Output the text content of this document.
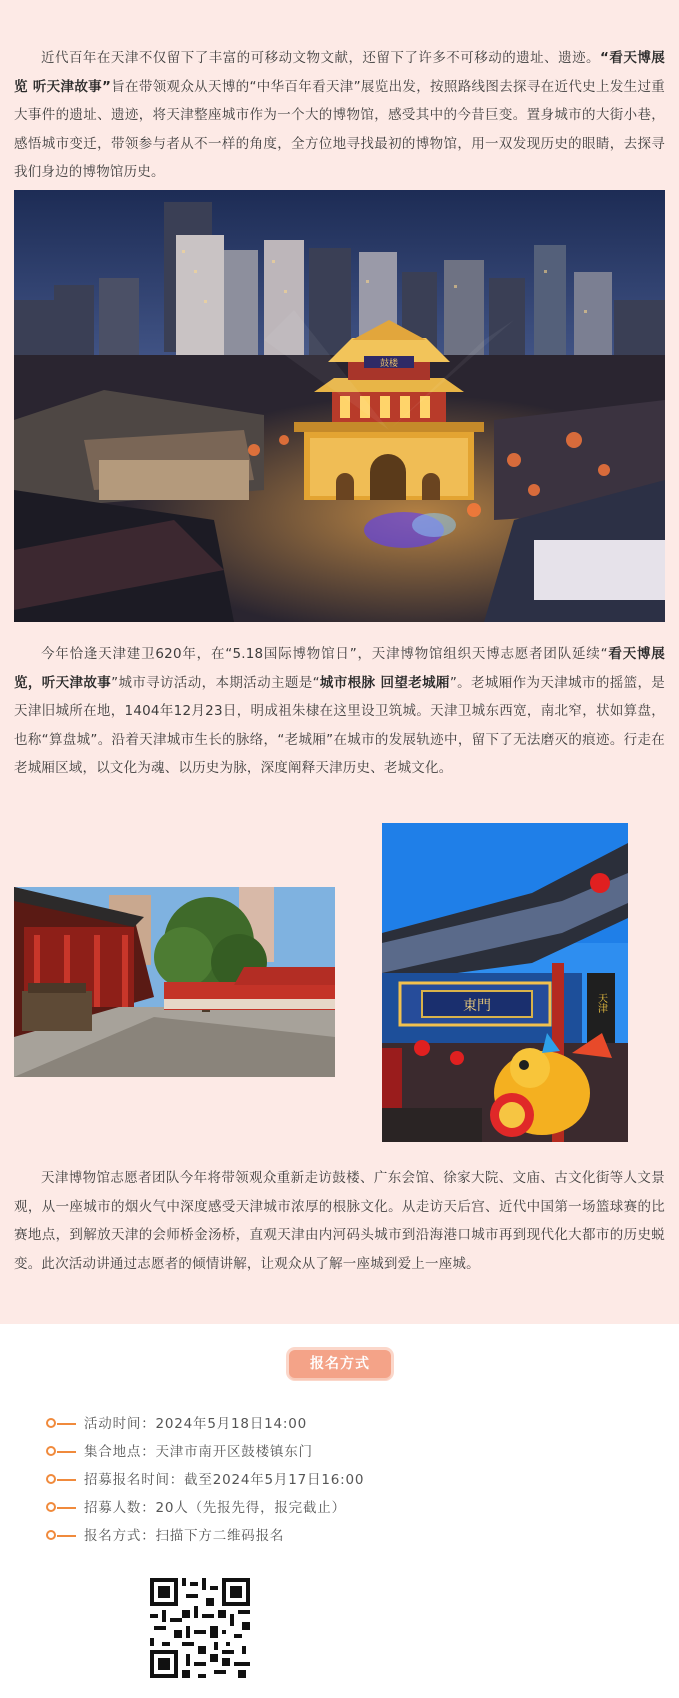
近代百年在天津不仅留下了丰富的可移动文物文献，还留下了许多不可移动的遗址、遗迹。“看天博展览 听天津故事”旨在带领观众从天博的“中华百年看天津”展览出发，按照路线图去探寻在近代史上发生过重大事件的遗址、遗迹，将天津整座城市作为一个大的博物馆，感受其中的今昔巨变。置身城市的大街小巷，感悟城市变迁，带领参与者从不一样的角度，全方位地寻找最初的博物馆，用一双发现历史的眼睛，去探寻我们身边的博物馆历史。

鼓楼

今年恰逢天津建卫620年，在“5.18国际博物馆日”，天津博物馆组织天博志愿者团队延续“看天博展览，听天津故事”城市寻访活动，本期活动主题是“城市根脉 回望老城厢”。老城厢作为天津城市的摇篮，是天津旧城所在地，1404年12月23日，明成祖朱棣在这里设卫筑城。天津卫城东西宽，南北窄，状如算盘，也称“算盘城”。沿着天津城市生长的脉络，“老城厢”在城市的发展轨迹中，留下了无法磨灭的痕迹。行走在老城厢区域，以文化为魂、以历史为脉，深度阐释天津历史、老城文化。

東門	天津

天津博物馆志愿者团队今年将带领观众重新走访鼓楼、广东会馆、徐家大院、文庙、古文化街等人文景观，从一座城市的烟火气中深度感受天津城市浓厚的根脉文化。从走访天后宫、近代中国第一场篮球赛的比赛地点，到解放天津的会师桥金汤桥，直观天津由内河码头城市到沿海港口城市再到现代化大都市的历史蜕变。此次活动讲通过志愿者的倾情讲解，让观众从了解一座城到爱上一座城。

报名方式
活动时间：2024年5月18日14:00
集合地点：天津市南开区鼓楼镇东门
招募报名时间：截至2024年5月17日16:00
招募人数：20人（先报先得，报完截止）
报名方式：扫描下方二维码报名
